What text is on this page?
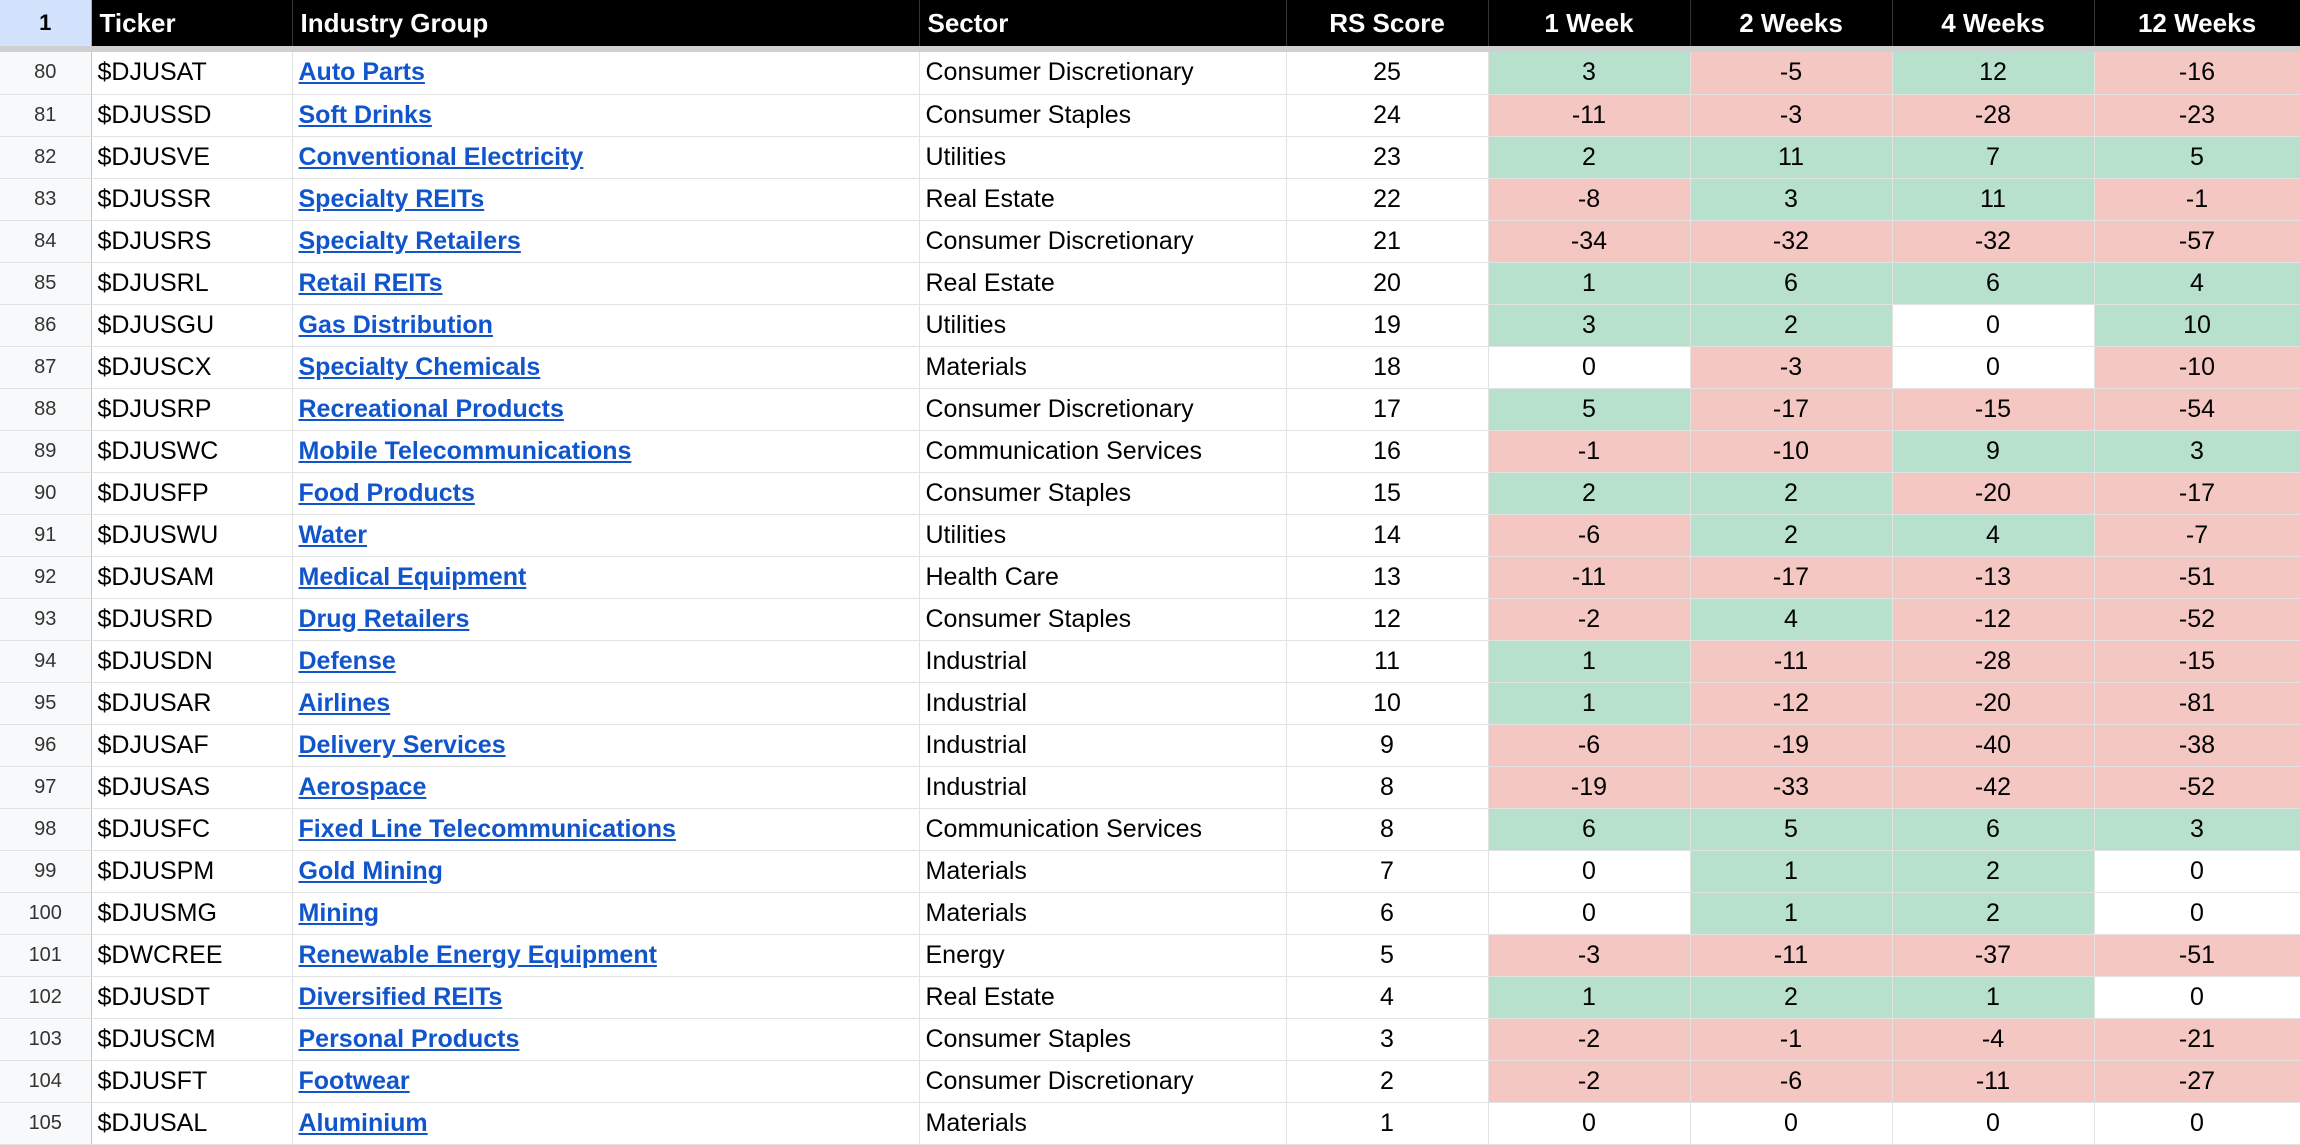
1	Ticker	Industry Group	Sector	RS Score	1 Week	2 Weeks	4 Weeks	12 Weeks

80	$DJUSAT	Auto Parts	Consumer Discretionary	25	3	-5	12	-16
81	$DJUSSD	Soft Drinks	Consumer Staples	24	-11	-3	-28	-23
82	$DJUSVE	Conventional Electricity	Utilities	23	2	11	7	5
83	$DJUSSR	Specialty REITs	Real Estate	22	-8	3	11	-1
84	$DJUSRS	Specialty Retailers	Consumer Discretionary	21	-34	-32	-32	-57
85	$DJUSRL	Retail REITs	Real Estate	20	1	6	6	4
86	$DJUSGU	Gas Distribution	Utilities	19	3	2	0	10
87	$DJUSCX	Specialty Chemicals	Materials	18	0	-3	0	-10
88	$DJUSRP	Recreational Products	Consumer Discretionary	17	5	-17	-15	-54
89	$DJUSWC	Mobile Telecommunications	Communication Services	16	-1	-10	9	3
90	$DJUSFP	Food Products	Consumer Staples	15	2	2	-20	-17
91	$DJUSWU	Water	Utilities	14	-6	2	4	-7
92	$DJUSAM	Medical Equipment	Health Care	13	-11	-17	-13	-51
93	$DJUSRD	Drug Retailers	Consumer Staples	12	-2	4	-12	-52
94	$DJUSDN	Defense	Industrial	11	1	-11	-28	-15
95	$DJUSAR	Airlines	Industrial	10	1	-12	-20	-81
96	$DJUSAF	Delivery Services	Industrial	9	-6	-19	-40	-38
97	$DJUSAS	Aerospace	Industrial	8	-19	-33	-42	-52
98	$DJUSFC	Fixed Line Telecommunications	Communication Services	8	6	5	6	3
99	$DJUSPM	Gold Mining	Materials	7	0	1	2	0
100	$DJUSMG	Mining	Materials	6	0	1	2	0
101	$DWCREE	Renewable Energy Equipment	Energy	5	-3	-11	-37	-51
102	$DJUSDT	Diversified REITs	Real Estate	4	1	2	1	0
103	$DJUSCM	Personal Products	Consumer Staples	3	-2	-1	-4	-21
104	$DJUSFT	Footwear	Consumer Discretionary	2	-2	-6	-11	-27
105	$DJUSAL	Aluminium	Materials	1	0	0	0	0
